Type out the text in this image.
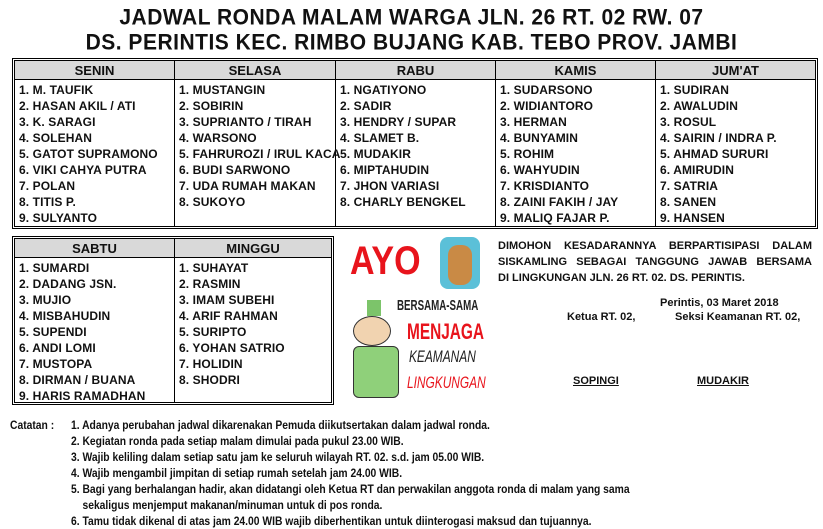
JADWAL RONDA MALAM WARGA JLN. 26 RT. 02 RW. 07
DS. PERINTIS KEC. RIMBO BUJANG KAB. TEBO PROV. JAMBI
SENIN
1. M. TAUFIK
2. HASAN AKIL / ATI
3. K. SARAGI
4. SOLEHAN
5. GATOT SUPRAMONO
6. VIKI CAHYA PUTRA
7. POLAN
8. TITIS P.
9. SULYANTO
SELASA
1. MUSTANGIN
2. SOBIRIN
3. SUPRIANTO / TIRAH
4. WARSONO
5. FAHRUROZI / IRUL KACA
6. BUDI SARWONO
7. UDA RUMAH MAKAN
8. SUKOYO
RABU
1. NGATIYONO
2. SADIR
3. HENDRY / SUPAR
4. SLAMET B.
5. MUDAKIR
6. MIPTAHUDIN
7. JHON VARIASI
8. CHARLY BENGKEL
KAMIS
1. SUDARSONO
2. WIDIANTORO
3. HERMAN
4. BUNYAMIN
5. ROHIM
6. WAHYUDIN
7. KRISDIANTO
8. ZAINI FAKIH / JAY
9. MALIQ FAJAR P.
JUM'AT
1. SUDIRAN
2. AWALUDIN
3. ROSUL
4. SAIRIN / INDRA P.
5. AHMAD SURURI
6. AMIRUDIN
7. SATRIA
8. SANEN
9. HANSEN
SABTU
1. SUMARDI
2. DADANG JSN.
3. MUJIO
4. MISBAHUDIN
5. SUPENDI
6. ANDI LOMI
7. MUSTOPA
8. DIRMAN / BUANA
9. HARIS RAMADHAN
MINGGU
1. SUHAYAT
2. RASMIN
3. IMAM SUBEHI
4. ARIF RAHMAN
5. SURIPTO
6. YOHAN SATRIO
7. HOLIDIN
8. SHODRI
AYO
BERSAMA-SAMA
MENJAGA
KEAMANAN
LINGKUNGAN
DIMOHON KESADARANNYA BERPARTISIPASI DALAM
SISKAMLING SEBAGAI TANGGUNG JAWAB BERSAMA
DI LINGKUNGAN JLN. 26 RT. 02. DS. PERINTIS.
Perintis, 03 Maret 2018
Ketua RT. 02,	Seksi Keamanan RT. 02,
SOPINGI	MUDAKIR
Catatan : 1. Adanya perubahan jadwal dikarenakan Pemuda diikutsertakan dalam jadwal ronda.
2. Kegiatan ronda pada setiap malam dimulai pada pukul 23.00 WIB.
3. Wajib keliling dalam setiap satu jam ke seluruh wilayah RT. 02. s.d. jam 05.00 WIB.
4. Wajib mengambil jimpitan di setiap rumah setelah jam 24.00 WIB.
5. Bagi yang berhalangan hadir, akan didatangi oleh Ketua RT dan perwakilan anggota ronda di malam yang sama
sekaligus menjemput makanan/minuman untuk di pos ronda.
6. Tamu tidak dikenal di atas jam 24.00 WIB wajib diberhentikan untuk diinterogasi maksud dan tujuannya.
